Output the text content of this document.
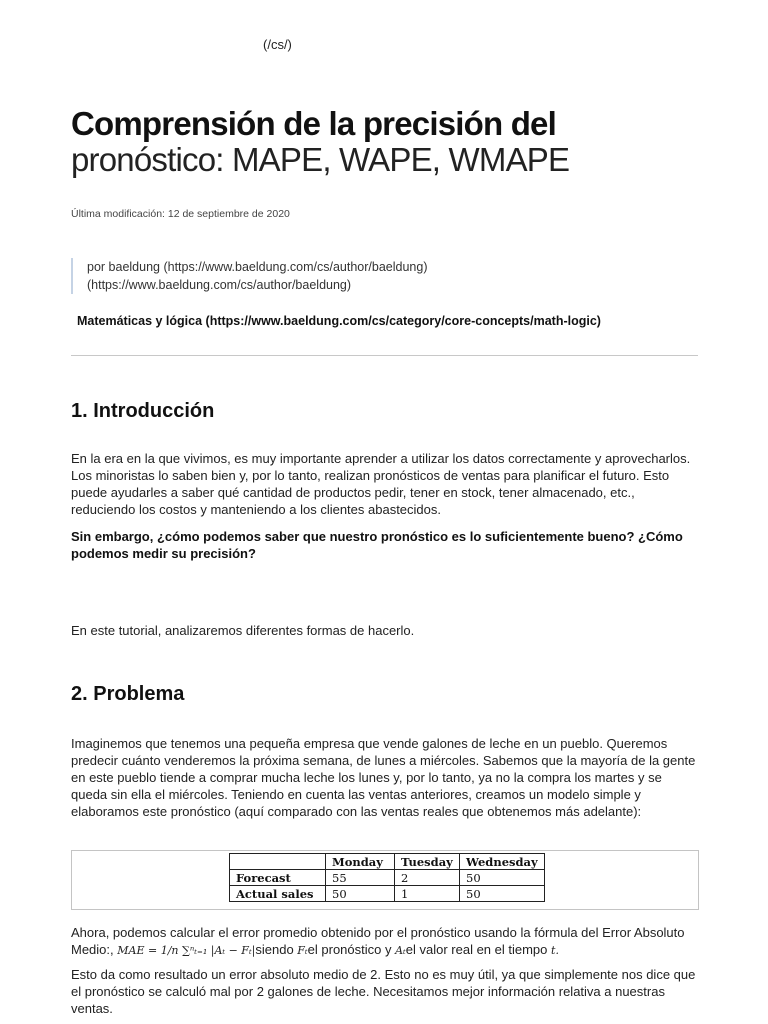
(/cs/)
Comprensión de la precisión del
pronóstico: MAPE, WAPE, WMAPE
Última modificación: 12 de septiembre de 2020
por baeldung (https://www.baeldung.com/cs/author/baeldung)
(https://www.baeldung.com/cs/author/baeldung)
Matemáticas y lógica (https://www.baeldung.com/cs/category/core-concepts/math-logic)
1. Introducción

En la era en la que vivimos, es muy importante aprender a utilizar los datos correctamente y aprovecharlos. Los minoristas lo saben bien y, por lo tanto, realizan pronósticos de ventas para planificar el futuro. Esto puede ayudarles a saber qué cantidad de productos pedir, tener en stock, tener almacenado, etc., reduciendo los costos y manteniendo a los clientes abastecidos.

Sin embargo, ¿cómo podemos saber que nuestro pronóstico es lo suficientemente bueno? ¿Cómo podemos medir su precisión?

En este tutorial, analizaremos diferentes formas de hacerlo.

2. Problema

Imaginemos que tenemos una pequeña empresa que vende galones de leche en un pueblo. Queremos predecir cuánto venderemos la próxima semana, de lunes a miércoles. Sabemos que la mayoría de la gente en este pueblo tiende a comprar mucha leche los lunes y, por lo tanto, ya no la compra los martes y se queda sin ella el miércoles. Teniendo en cuenta las ventas anteriores, creamos un modelo simple y elaboramos este pronóstico (aquí comparado con las ventas reales que obtenemos más adelante):

	Monday	Tuesday	Wednesday
Forecast	55	2	50
Actual sales	50	1	50

Ahora, podemos calcular el error promedio obtenido por el pronóstico usando la fórmula del Error Absoluto Medio:, MAE = 1/n ∑ⁿₜ₌₁ |Aₜ − Fₜ|siendo Fₜel pronóstico y Aₜel valor real en el tiempo t.

Esto da como resultado un error absoluto medio de 2. Esto no es muy útil, ya que simplemente nos dice que el pronóstico se calculó mal por 2 galones de leche. Necesitamos mejor información relativa a nuestras ventas.
